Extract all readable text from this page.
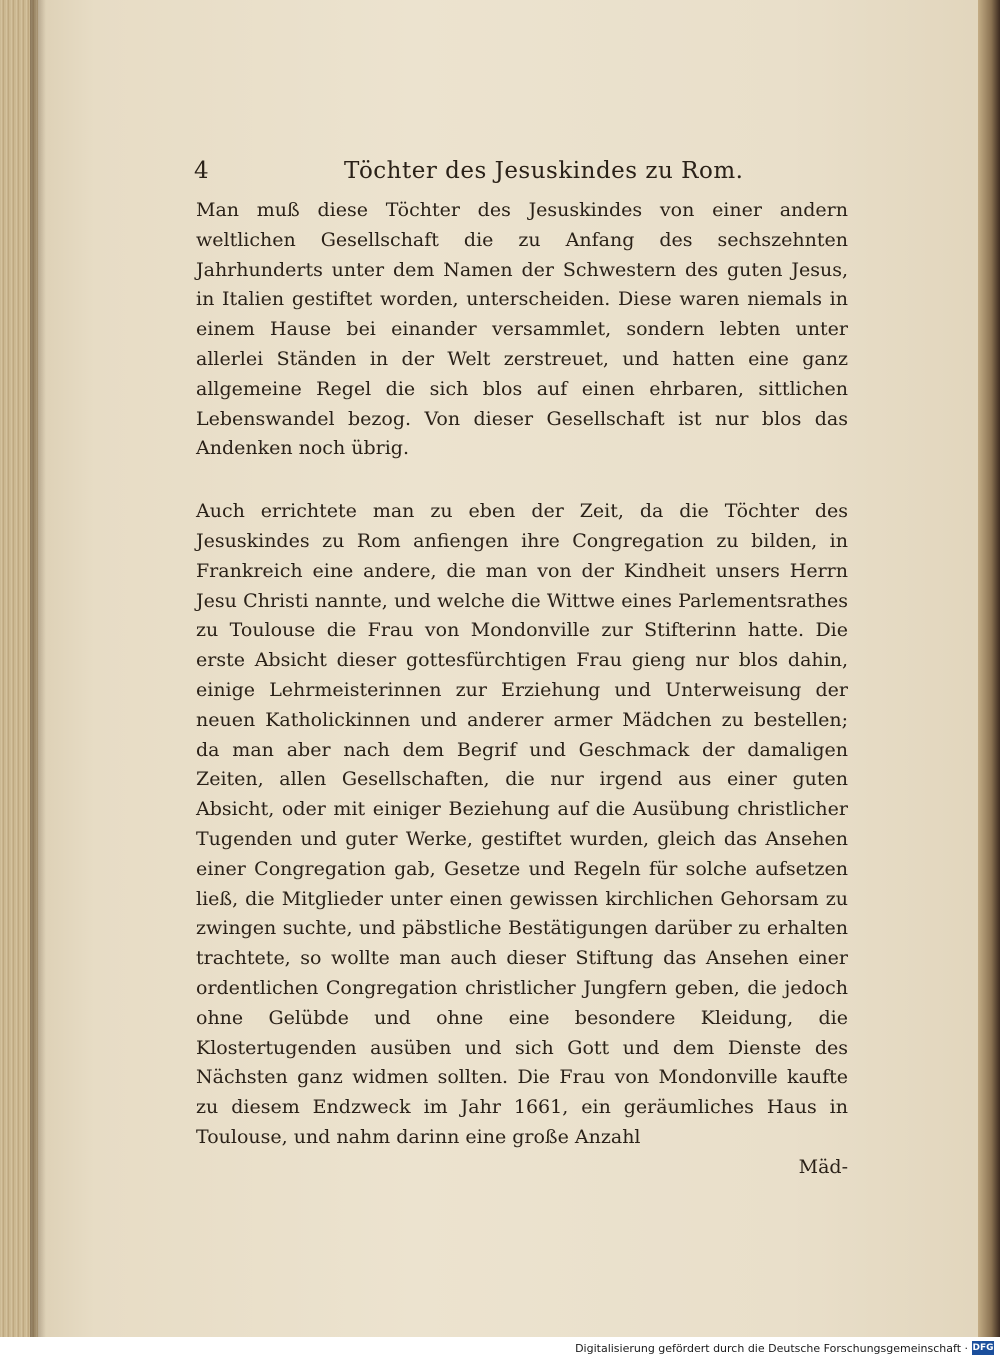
4	Töchter des Jesuskindes zu Rom.

Man muß diese Töchter des Jesuskindes von einer andern weltlichen Gesellschaft die zu Anfang des sechszehnten Jahrhunderts unter dem Namen der Schwestern des guten Jesus, in Italien gestiftet worden, unterscheiden. Diese waren niemals in einem Hause bei einander versammlet, sondern lebten unter allerlei Ständen in der Welt zerstreuet, und hatten eine ganz allgemeine Regel die sich blos auf einen ehrbaren, sittlichen Lebenswandel bezog. Von dieser Gesellschaft ist nur blos das Andenken noch übrig.

Auch errichtete man zu eben der Zeit, da die Töchter des Jesuskindes zu Rom anfiengen ihre Congregation zu bilden, in Frankreich eine andere, die man von der Kindheit unsers Herrn Jesu Christi nannte, und welche die Wittwe eines Parlementsrathes zu Toulouse die Frau von Mondonville zur Stifterinn hatte. Die erste Absicht dieser gottesfürchtigen Frau gieng nur blos dahin, einige Lehrmeisterinnen zur Erziehung und Unterweisung der neuen Katholickinnen und anderer armer Mädchen zu bestellen; da man aber nach dem Begrif und Geschmack der damaligen Zeiten, allen Gesellschaften, die nur irgend aus einer guten Absicht, oder mit einiger Beziehung auf die Ausübung christlicher Tugenden und guter Werke, gestiftet wurden, gleich das Ansehen einer Congregation gab, Gesetze und Regeln für solche aufsetzen ließ, die Mitglieder unter einen gewissen kirchlichen Gehorsam zu zwingen suchte, und päbstliche Bestätigungen darüber zu erhalten trachtete, so wollte man auch dieser Stiftung das Ansehen einer ordentlichen Congregation christlicher Jungfern geben, die jedoch ohne Gelübde und ohne eine besondere Kleidung, die Klostertugenden ausüben und sich Gott und dem Dienste des Nächsten ganz widmen sollten. Die Frau von Mondonville kaufte zu diesem Endzweck im Jahr 1661, ein geräumliches Haus in Toulouse, und nahm darinn eine große Anzahl

Mäd-

Digitalisierung gefördert durch die Deutsche Forschungsgemeinschaft · DFG
